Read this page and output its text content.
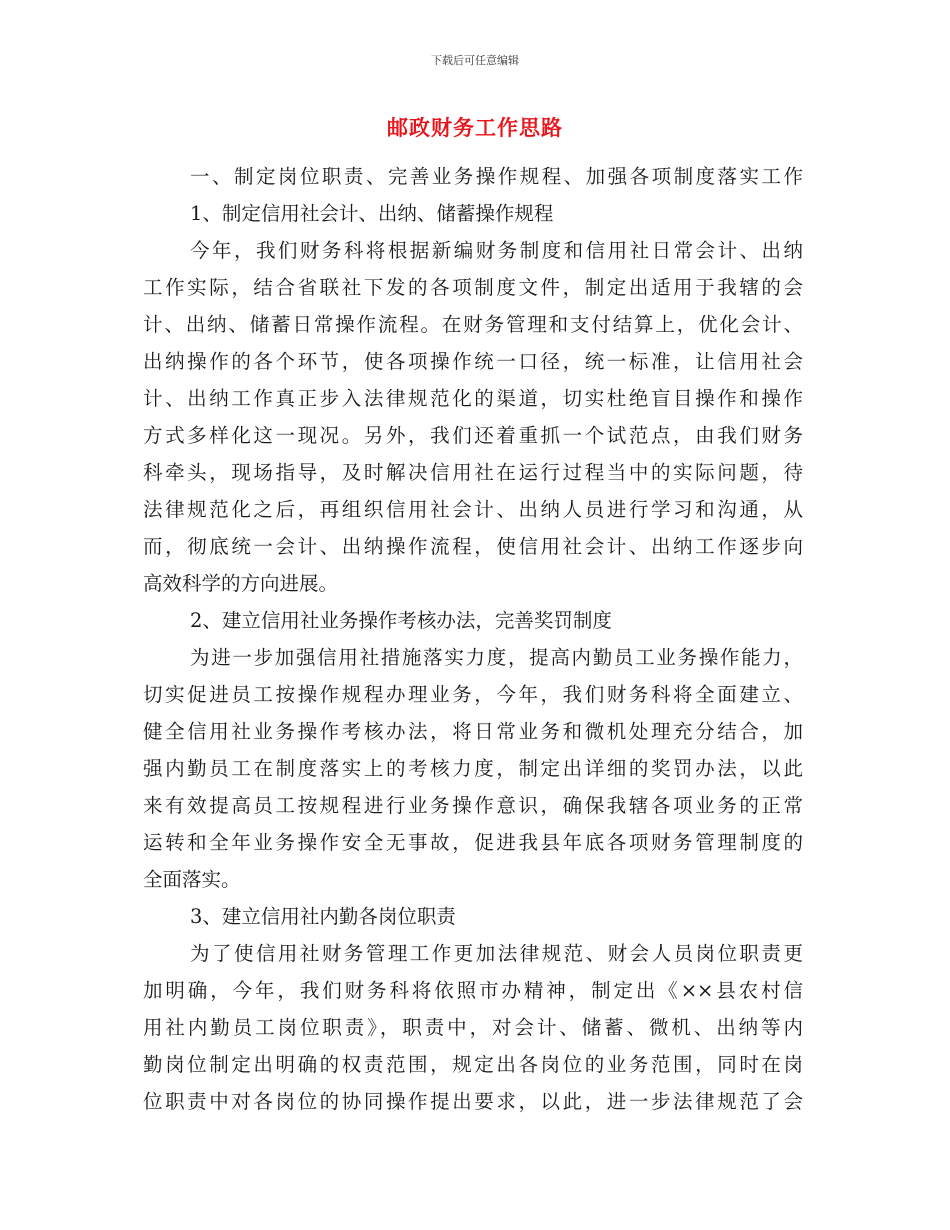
下载后可任意编辑
邮政财务工作思路
一、制定岗位职责、完善业务操作规程、加强各项制度落实工作
1、制定信用社会计、出纳、储蓄操作规程
今年，我们财务科将根据新编财务制度和信用社日常会计、出纳
工作实际，结合省联社下发的各项制度文件，制定出适用于我辖的会
计、出纳、储蓄日常操作流程。在财务管理和支付结算上，优化会计、
出纳操作的各个环节，使各项操作统一口径，统一标准，让信用社会
计、出纳工作真正步入法律规范化的渠道，切实杜绝盲目操作和操作
方式多样化这一现况。另外，我们还着重抓一个试范点，由我们财务
科牵头，现场指导，及时解决信用社在运行过程当中的实际问题，待
法律规范化之后，再组织信用社会计、出纳人员进行学习和沟通，从
而，彻底统一会计、出纳操作流程，使信用社会计、出纳工作逐步向
高效科学的方向进展。
2、建立信用社业务操作考核办法，完善奖罚制度
为进一步加强信用社措施落实力度，提高内勤员工业务操作能力，
切实促进员工按操作规程办理业务，今年，我们财务科将全面建立、
健全信用社业务操作考核办法，将日常业务和微机处理充分结合，加
强内勤员工在制度落实上的考核力度，制定出详细的奖罚办法，以此
来有效提高员工按规程进行业务操作意识，确保我辖各项业务的正常
运转和全年业务操作安全无事故，促进我县年底各项财务管理制度的
全面落实。
3、建立信用社内勤各岗位职责
为了使信用社财务管理工作更加法律规范、财会人员岗位职责更
加明确，今年，我们财务科将依照市办精神，制定出《××县农村信
用社内勤员工岗位职责》，职责中，对会计、储蓄、微机、出纳等内
勤岗位制定出明确的权责范围，规定出各岗位的业务范围，同时在岗
位职责中对各岗位的协同操作提出要求，以此，进一步法律规范了会
